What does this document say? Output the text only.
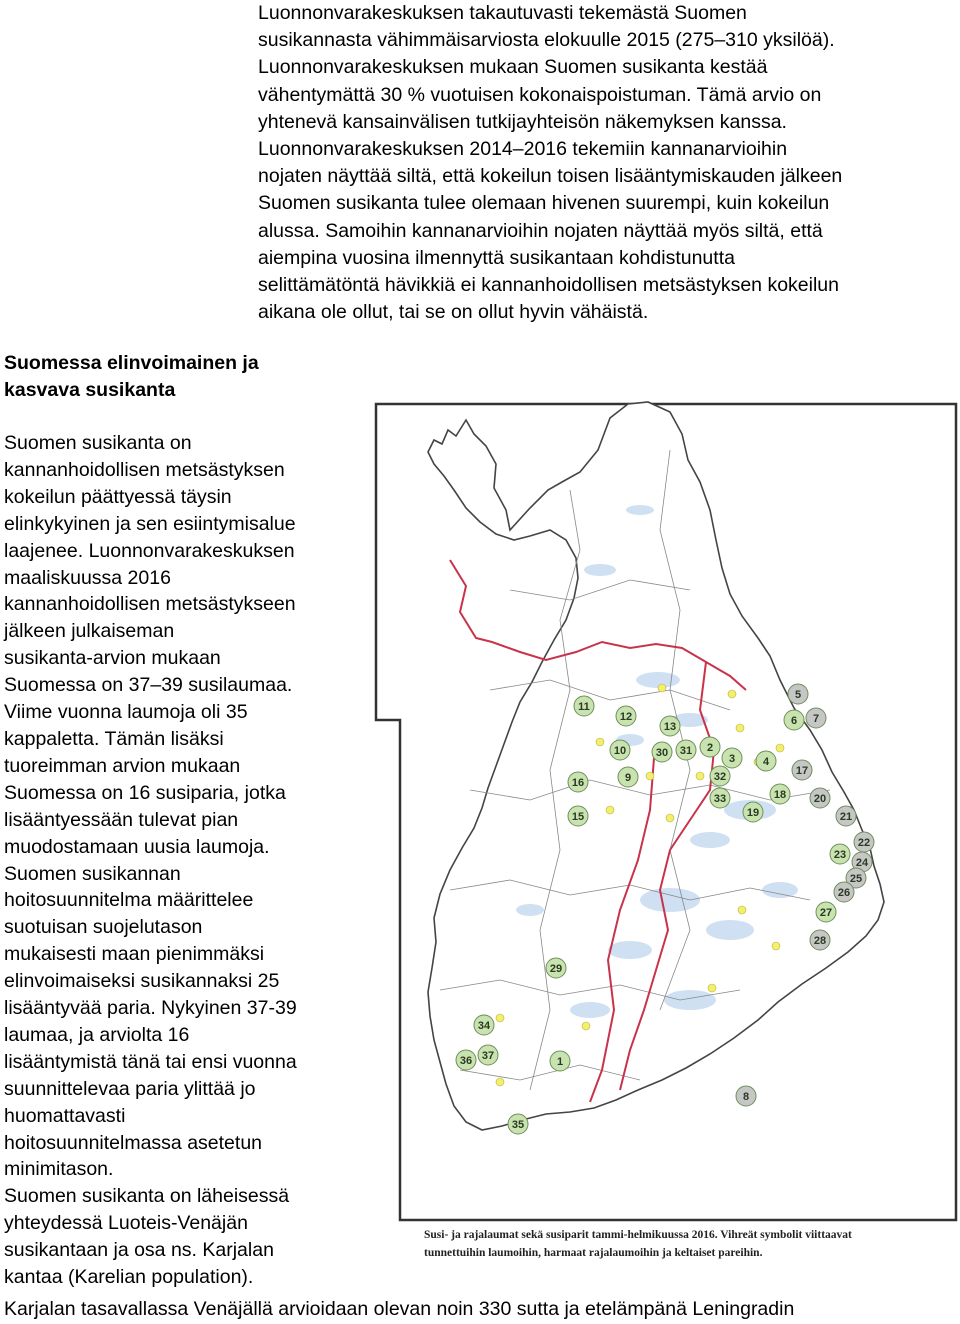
Luonnonvarakeskuksen takautuvasti tekemästä Suomen
susikannasta vähimmäisarviosta elokuulle 2015 (275–310 yksilöä).
Luonnonvarakeskuksen mukaan Suomen susikanta kestää
vähentymättä 30 % vuotuisen kokonaispoistuman. Tämä arvio on
yhtenevä kansainvälisen tutkijayhteisön näkemyksen kanssa.
Luonnonvarakeskuksen 2014–2016 tekemiin kannanarvioihin
nojaten näyttää siltä, että kokeilun toisen lisääntymiskauden jälkeen
Suomen susikanta tulee olemaan hivenen suurempi, kuin kokeilun
alussa. Samoihin kannanarvioihin nojaten näyttää myös siltä, että
aiempina vuosina ilmennyttä susikantaan kohdistunutta
selittämätöntä hävikkiä ei kannanhoidollisen metsästyksen kokeilun
aikana ole ollut, tai se on ollut hyvin vähäistä.
Suomessa elinvoimainen ja
kasvava susikanta
Suomen susikanta on
kannanhoidollisen metsästyksen
kokeilun päättyessä täysin
elinkykyinen ja sen esiintymisalue
laajenee. Luonnonvarakeskuksen
maaliskuussa 2016
kannanhoidollisen metsästykseen
jälkeen julkaiseman
susikanta-arvion mukaan
Suomessa on 37–39 susilaumaa.
Viime vuonna laumoja oli 35
kappaletta. Tämän lisäksi
tuoreimman arvion mukaan
Suomessa on 16 susiparia, jotka
lisääntyessään tulevat pian
muodostamaan uusia laumoja.
Suomen susikannan
hoitosuunnitelma määrittelee
suotuisan suojelutason
mukaisesti maan pienimmäksi
elinvoimaiseksi susikannaksi 25
lisääntyvää paria. Nykyinen 37-39
laumaa, ja arviolta 16
lisääntymistä tänä tai ensi vuonna
suunnittelevaa paria ylittää jo
huomattavasti
hoitosuunnitelmassa asetetun
minimitason.
Suomen susikanta on läheisessä
yhteydessä Luoteis-Venäjän
susikantaan ja osa ns. Karjalan
kantaa (Karelian population).
Karjalan tasavallassa Venäjällä arvioidaan olevan noin 330 sutta ja etelämpänä Leningradin
1
2
3	4
5
6 7
8
9
10
11
12
13
15
16
17
18
19
20
21
22
23
24
25
26
27
28
29
30 31
32
33
34
35
36 37
Susi- ja rajalaumat sekä susiparit tammi-helmikuussa 2016. Vihreät symbolit viittaavat
tunnettuihin laumoihin, harmaat rajalaumoihin ja keltaiset pareihin.
